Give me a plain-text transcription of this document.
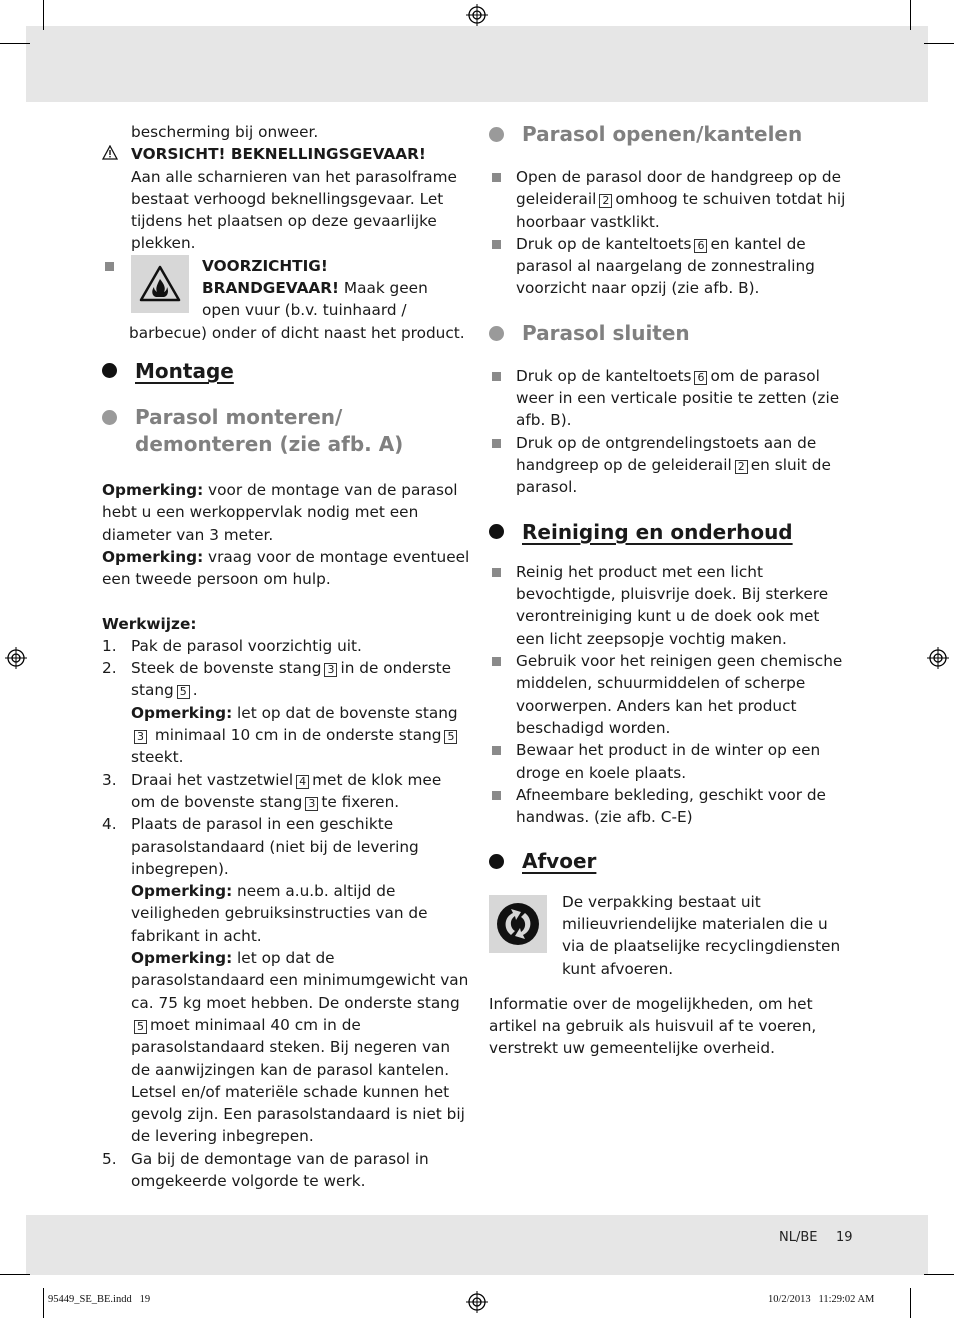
bescherming bij onweer.

VORSICHT! BEKNELLINGSGEVAAR!

Aan alle scharnieren van het parasolframe bestaat verhoogd beknellingsgevaar. Let tijdens het plaatsen op deze gevaarlijke plekken.

VOORZICHTIG!

BRANDGEVAAR! Maak geen

open vuur (b.v. tuinhaard /

barbecue) onder of dicht naast het product.

Montage
Parasol monteren/
demonteren (zie afb. A)

Opmerking: voor de montage van de parasol hebt u een werkoppervlak nodig met een diameter van 3 meter.

Opmerking: vraag voor de montage eventueel een tweede persoon om hulp.

Werkwijze:

1. Pak de parasol voorzichtig uit.
2. Steek de bovenste stang 3 in de onderste stang 5 .
Opmerking: let op dat de bovenste stang3 minimaal 10 cm in de onderste stang 5steekt.
3. Draai het vastzetwiel 4 met de klok mee om de bovenste stang 3 te fixeren.
4. Plaats de parasol in een geschikte parasolstandaard (niet bij de levering inbegrepen).
Opmerking: neem a.u.b. altijd de veiligheden gebruiksinstructies van de fabrikant in acht.
Opmerking: let op dat de parasolstandaard een minimumgewicht van ca. 75 kg moet hebben. De onderste stang5 moet minimaal 40 cm in de parasolstandaard steken. Bij negeren van de aanwijzingen kan de parasol kantelen. Letsel en/of materiële schade kunnen het gevolg zijn. Een parasolstandaard is niet bij de levering inbegrepen.
5. Ga bij de demontage van de parasol in omgekeerde volgorde te werk.
Parasol openen/kantelen
Open de parasol door de handgreep op de geleiderail 2 omhoog te schuiven totdat hij hoorbaar vastklikt.
Druk op de kanteltoets 6 en kantel de parasol al naargelang de zonnestraling voorzicht naar opzij (zie afb. B).
Parasol sluiten
Druk op de kanteltoets 6 om de parasol weer in een verticale positie te zetten (zie afb. B).
Druk op de ontgrendelingstoets aan de handgreep op de geleiderail 2 en sluit de parasol.
Reiniging en onderhoud
Reinig het product met een licht bevochtigde, pluisvrije doek. Bij sterkere verontreiniging kunt u de doek ook met een licht zeepsopje vochtig maken.
Gebruik voor het reinigen geen chemische middelen, schuurmiddelen of scherpe voorwerpen. Anders kan het product beschadigd worden.
Bewaar het product in de winter op een droge en koele plaats.
Afneembare bekleding, geschikt voor de handwas. (zie afb. C-E)
Afvoer

De verpakking bestaat uit milieuvriendelijke materialen die u via de plaatselijke recyclingdiensten kunt afvoeren.

Informatie over de mogelijkheden, om het artikel na gebruik als huisvuil af te voeren, verstrekt uw gemeentelijke overheid.

NL/BE 19
95449_SE_BE.indd   19	10/2/2013   11:29:02 AM
